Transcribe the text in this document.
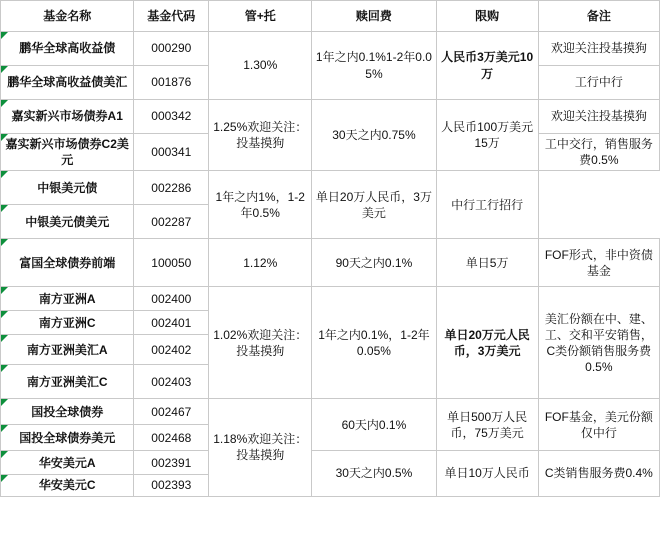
基金名称	基金代码	管+托	赎回费	限购	备注

鹏华全球高收益债	000290	1.30%	1年之内0.1%1-2年0.05%	人民币3万美元10万	欢迎关注投基摸狗

鹏华全球高收益债美汇	001876				工行中行

嘉实新兴市场债券A1	000342	1.25%欢迎关注：投基摸狗	30天之内0.75%	人民币100万美元15万	欢迎关注投基摸狗

嘉实新兴市场债券C2美元	000341				工中交行，销售服务费0.5%

中银美元债	002286	1年之内1%，1-2年0.5%	单日20万人民币，3万美元	中行工行招行	

中银美元债美元	002287				

富国全球债券前端	100050	1.12%	90天之内0.1%	单日5万	FOF形式，非中资债基金

南方亚洲A	002400	1.02%欢迎关注：投基摸狗	1年之内0.1%，1-2年0.05%	单日20万元人民币，3万美元	美汇份额在中、建、工、交和平安销售，C类份额销售服务费0.5%

南方亚洲C	002401				

南方亚洲美汇A	002402				

南方亚洲美汇C	002403				

国投全球债券	002467	1.18%欢迎关注：投基摸狗	60天内0.1%	单日500万人民币，75万美元	FOF基金，美元份额仅中行

国投全球债券美元	002468				

华安美元A	002391		30天之内0.5%	单日10万人民币	C类销售服务费0.4%

华安美元C	002393				
